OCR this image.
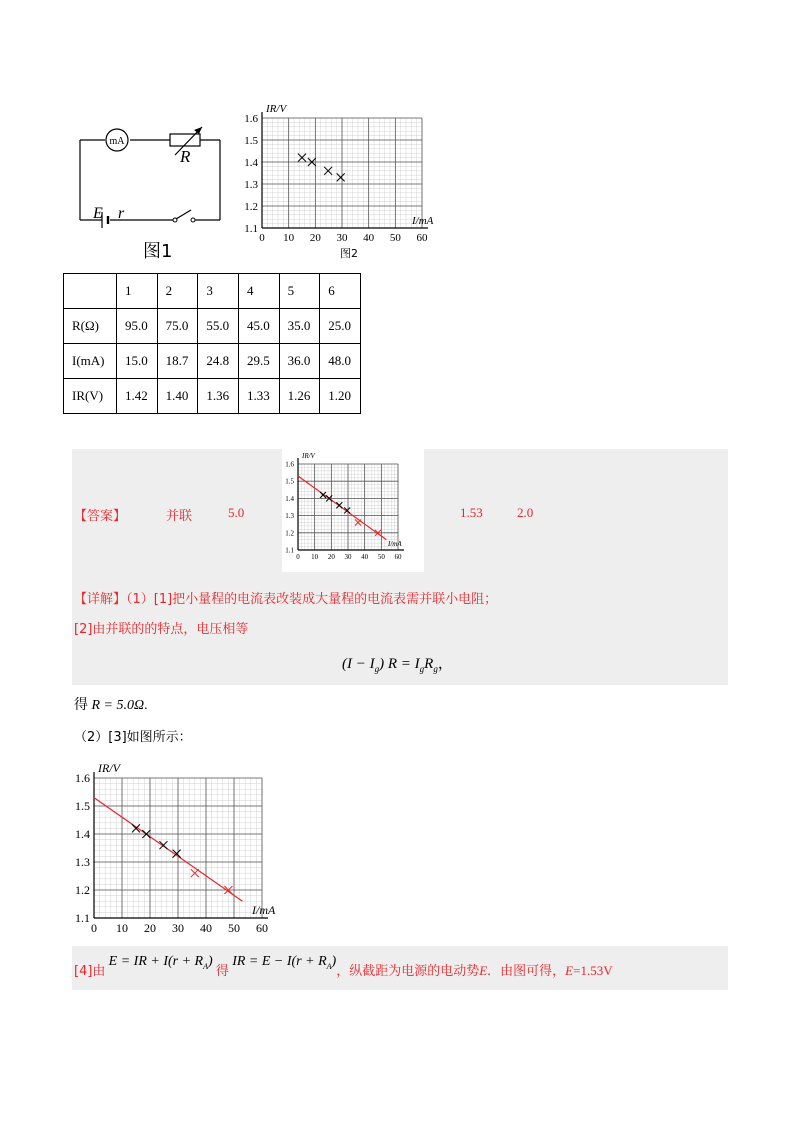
mA
R
E r
图1
0 10 20 30 40 50 60
1.1
1.2
1.3
1.4
1.5
1.6
IR/V
I/mA
图2
	1	2	3	4	5	6
R(Ω)	95.0	75.0	55.0	45.0	35.0	25.0
I(mA)	15.0	18.7	24.8	29.5	36.0	48.0
IR(V)	1.42	1.40	1.36	1.33	1.26	1.20
【答案】	并联	5.0
0 10 20 30 40 50 60
1.1
1.2
1.3
1.4
1.5
1.6
IR/V
I/mA
1.53	2.0
【详解】（1）[1]把小量程的电流表改装成大量程的电流表需并联小电阻；
[2]由并联的的特点，电压相等
$(I - I_g)$ $R = I_gR_g$，
得 R = 5.0Ω.
（2）[3]如图所示：
0 10 20 30 40 50 60
1.1
1.2
1.3
1.4
1.5
1.6
IR/V
I/mA
[4]由 E = IR + $I(r + R_A)$ 得 IR = $E - I(r + R_A)$，纵截距为电源的电动势E．由图可得，E=1.53V
